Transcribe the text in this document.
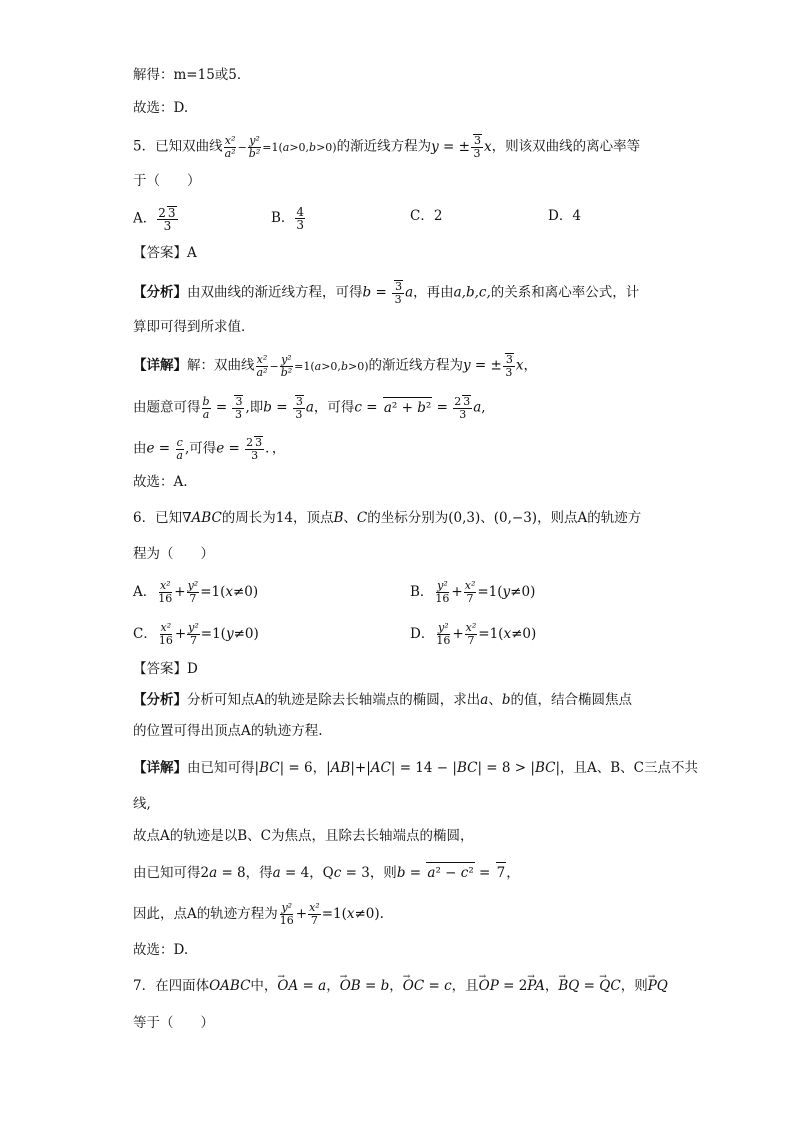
解得：m=15或5．
故选：D.
5．已知双曲线 $\frac{\text{x²}}{\text{a²}} - \frac{\text{y²}}{\text{b²}} =1(a>0,b>0)$的渐近线方程为y = ± $\frac{3}{3}$ x，则该双曲线的离心率等
于（　　）
A． $\frac{2 3}{3}$	B． $\frac{4}{3}$	C．2	D．4
【答案】A
【分析】由双曲线的渐近线方程，可得$b = \frac{3}{3}$ a，再由a,b,c,的关系和离心率公式，计
算即可得到所求值．
【详解】解：双曲线 $\frac{\text{x²}}{\text{a²}} - \frac{\text{y²}}{\text{b²}} =1(a>0,b>0)$的渐近线方程为y = ± $\frac{3}{3}$ x，
由题意可得 $\frac{b}{a} = \frac{3}{3}$ ,即$b = \frac{3}{3}$ a，可得$c = a^2 + b^2 = \frac{2 3}{3} a$,
由$e = \frac{c}{a}$ ,可得$e = \frac{2 3}{3}$ ．，
故选：A.
6．已知∇ABC的周长为14，顶点B、C的坐标分别为(0,3)、(0,−3)，则点A的轨迹方
程为（　　）
A． $\frac{\text{x²}}{16} + \frac{\text{y²}}{7} =1(x\ne 0)$	B． $\frac{\text{y²}}{16} + \frac{\text{x²}}{7} =1(y\ne 0)$
C． $\frac{\text{x²}}{16} + \frac{\text{y²}}{7} =1(y\ne 0)$	D． $\frac{\text{y²}}{16} + \frac{\text{x²}}{7} =1(x\ne 0)$
【答案】D
【分析】分析可知点A的轨迹是除去长轴端点的椭圆，求出a、b的值，结合椭圆焦点
的位置可得出顶点A的轨迹方程.
【详解】由已知可得|BC| = 6，|AB|+|AC| = 14 − |BC| = 8 > |BC|，且A、B、C三点不共
线,
故点A的轨迹是以B、C为焦点，且除去长轴端点的椭圆，
由已知可得2a = 8，得a = 4，Qc = 3，则b = a² − c² = 7，
因此，点A的轨迹方程为 $\frac{\text{y²}}{16} + \frac{\text{x²}}{7} =1(x\ne 0)$.
故选：D.
7．在四面体OABC中，→ OA = a，→ OB = b，→ OC = c，且→ OP = 2→ PA，→ BQ = → QC，则→ PQ
等于（　　）
